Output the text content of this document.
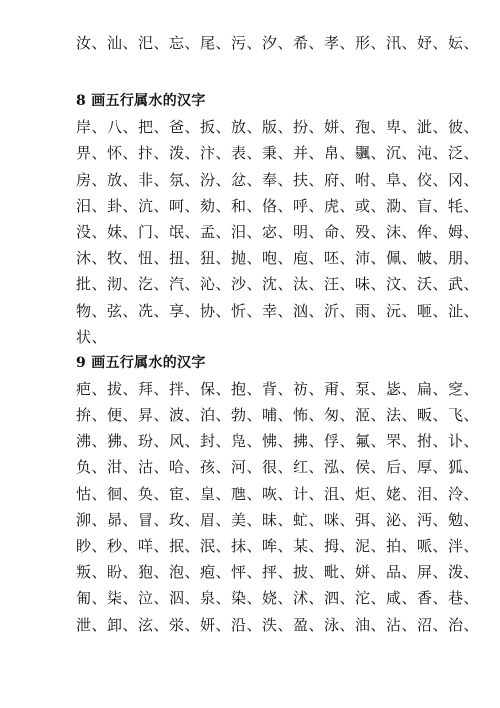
汝、汕、汜、忘、尾、污、汐、希、孝、形、汛、妤、妘、
8 画五行属水的汉字
岸、八、把、爸、扳、放、版、扮、姘、孢、卑、泚、彼、
畀、怀、抃、泼、汴、表、秉、并、帛、䬗、沉、沌、泛、
房、放、非、氛、汾、忿、奉、扶、府、咐、阜、佼、冈、
汨、卦、沆、呵、劾、和、佫、呼、虎、或、泐、盲、牦、
没、妹、门、氓、孟、汨、宓、明、命、殁、沫、侔、姆、
沐、牧、忸、扭、狃、抛、咆、庖、呸、沛、佩、帔、朋、
批、沏、汔、汽、沁、沙、沈、汰、汪、味、汶、沃、武、
物、弦、冼、享、协、忻、幸、汹、沂、雨、沅、咂、沚、
状、
9 画五行属水的汉字
疤、拔、拜、拌、保、抱、背、祊、甭、泵、毖、扁、窆、
拚、便、昇、波、泊、勃、哺、怖、匆、洍、法、畈、飞、
沸、狒、玢、风、封、凫、怫、拂、俘、氟、罘、拊、讣、
负、泔、沽、哈、孩、河、很、红、泓、侯、后、厚、狐、
怙、徊、奂、宦、皇、虺、咴、计、沮、炬、姥、泪、泠、
泖、昴、冒、玫、眉、美、昧、虻、咪、弭、泌、沔、勉、
眇、秒、咩、抿、泯、抹、哞、某、拇、泥、拍、哌、泮、
叛、盼、狍、泡、疱、怦、抨、披、毗、姘、品、屏、泼、
匍、柒、泣、泅、泉、染、娆、沭、泗、沱、咸、香、巷、
泄、卸、泫、泶、妍、沿、泆、盈、泳、油、沾、沼、治、
